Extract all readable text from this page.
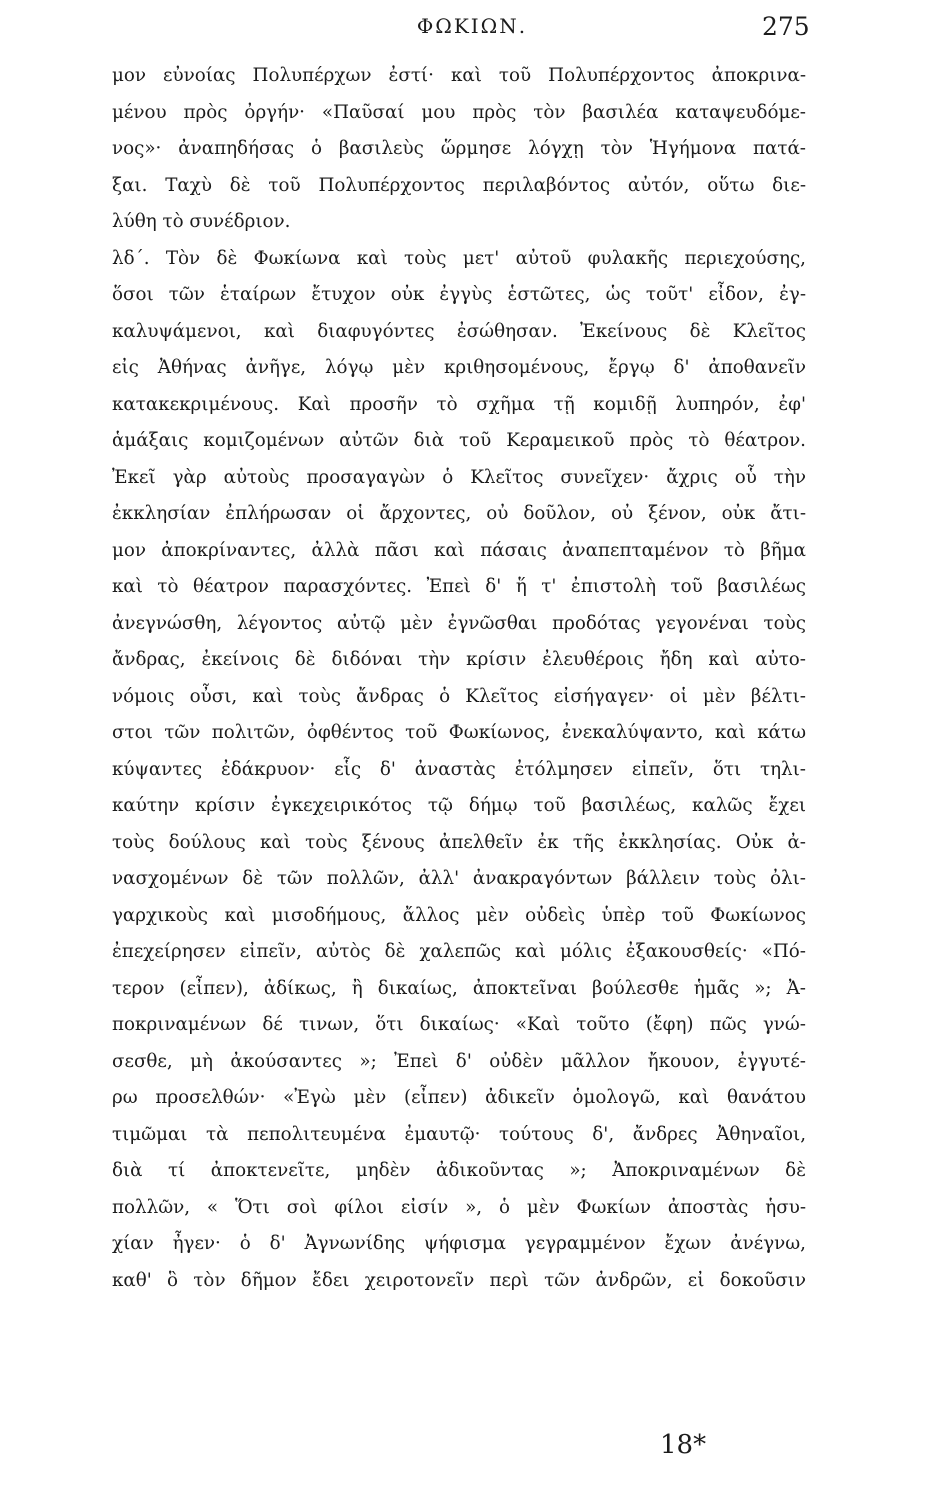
ΦΩΚΙΩΝ.	275
μον εὐνοίας Πολυπέρχων ἐστί· καὶ τοῦ Πολυπέρχοντος ἀποκρινα-
μένου πρὸς ὀργήν· «Παῦσαί μου πρὸς τὸν βασιλέα καταψευδόμε-
νος»· ἀναπηδήσας ὁ βασιλεὺς ὥρμησε λόγχῃ τὸν Ἡγήμονα πατά-
ξαι. Ταχὺ δὲ τοῦ Πολυπέρχοντος περιλαβόντος αὐτόν, οὕτω διε-
λύθη τὸ συνέδριον.
λδ΄. Τὸν δὲ Φωκίωνα καὶ τοὺς μετ' αὐτοῦ φυλακῆς περιεχούσης,
ὅσοι τῶν ἑταίρων ἔτυχον οὐκ ἐγγὺς ἑστῶτες, ὡς τοῦτ' εἶδον, ἐγ-
καλυψάμενοι, καὶ διαφυγόντες ἐσώθησαν. Ἐκείνους δὲ Κλεῖτος
εἰς Ἀθήνας ἀνῆγε, λόγῳ μὲν κριθησομένους, ἔργῳ δ' ἀποθανεῖν
κατακεκριμένους. Καὶ προσῆν τὸ σχῆμα τῇ κομιδῇ λυπηρόν, ἐφ'
ἁμάξαις κομιζομένων αὐτῶν διὰ τοῦ Κεραμεικοῦ πρὸς τὸ θέατρον.
Ἐκεῖ γὰρ αὐτοὺς προσαγαγὼν ὁ Κλεῖτος συνεῖχεν· ἄχρις οὗ τὴν
ἐκκλησίαν ἐπλήρωσαν οἱ ἄρχοντες, οὐ δοῦλον, οὐ ξένον, οὐκ ἄτι-
μον ἀποκρίναντες, ἀλλὰ πᾶσι καὶ πάσαις ἀναπεπταμένον τὸ βῆμα
καὶ τὸ θέατρον παρασχόντες. Ἐπεὶ δ' ἥ τ' ἐπιστολὴ τοῦ βασιλέως
ἀνεγνώσθη, λέγοντος αὐτῷ μὲν ἐγνῶσθαι προδότας γεγονέναι τοὺς
ἄνδρας, ἐκείνοις δὲ διδόναι τὴν κρίσιν ἐλευθέροις ἤδη καὶ αὐτο-
νόμοις οὖσι, καὶ τοὺς ἄνδρας ὁ Κλεῖτος εἰσήγαγεν· οἱ μὲν βέλτι-
στοι τῶν πολιτῶν, ὀφθέντος τοῦ Φωκίωνος, ἐνεκαλύψαντο, καὶ κάτω
κύψαντες ἐδάκρυον· εἷς δ' ἀναστὰς ἐτόλμησεν εἰπεῖν, ὅτι τηλι-
καύτην κρίσιν ἐγκεχειρικότος τῷ δήμῳ τοῦ βασιλέως, καλῶς ἔχει
τοὺς δούλους καὶ τοὺς ξένους ἀπελθεῖν ἐκ τῆς ἐκκλησίας. Οὐκ ἀ-
νασχομένων δὲ τῶν πολλῶν, ἀλλ' ἀνακραγόντων βάλλειν τοὺς ὀλι-
γαρχικοὺς καὶ μισοδήμους, ἄλλος μὲν οὐδεὶς ὑπὲρ τοῦ Φωκίωνος
ἐπεχείρησεν εἰπεῖν, αὐτὸς δὲ χαλεπῶς καὶ μόλις ἐξακουσθείς· «Πό-
τερον (εἶπεν), ἀδίκως, ἢ δικαίως, ἀποκτεῖναι βούλεσθε ἡμᾶς »; Ἀ-
ποκριναμένων δέ τινων, ὅτι δικαίως· «Καὶ τοῦτο (ἔφη) πῶς γνώ-
σεσθε, μὴ ἀκούσαντες »; Ἐπεὶ δ' οὐδὲν μᾶλλον ἤκουον, ἐγγυτέ-
ρω προσελθών· «Ἐγὼ μὲν (εἶπεν) ἀδικεῖν ὁμολογῶ, καὶ θανάτου
τιμῶμαι τὰ πεπολιτευμένα ἐμαυτῷ· τούτους δ', ἄνδρες Ἀθηναῖοι,
διὰ τί ἀποκτενεῖτε, μηδὲν ἀδικοῦντας »; Ἀποκριναμένων δὲ
πολλῶν, « Ὅτι σοὶ φίλοι εἰσίν », ὁ μὲν Φωκίων ἀποστὰς ἡσυ-
χίαν ἦγεν· ὁ δ' Ἀγνωνίδης ψήφισμα γεγραμμένον ἔχων ἀνέγνω,
καθ' ὃ τὸν δῆμον ἔδει χειροτονεῖν περὶ τῶν ἀνδρῶν, εἰ δοκοῦσιν
18*
